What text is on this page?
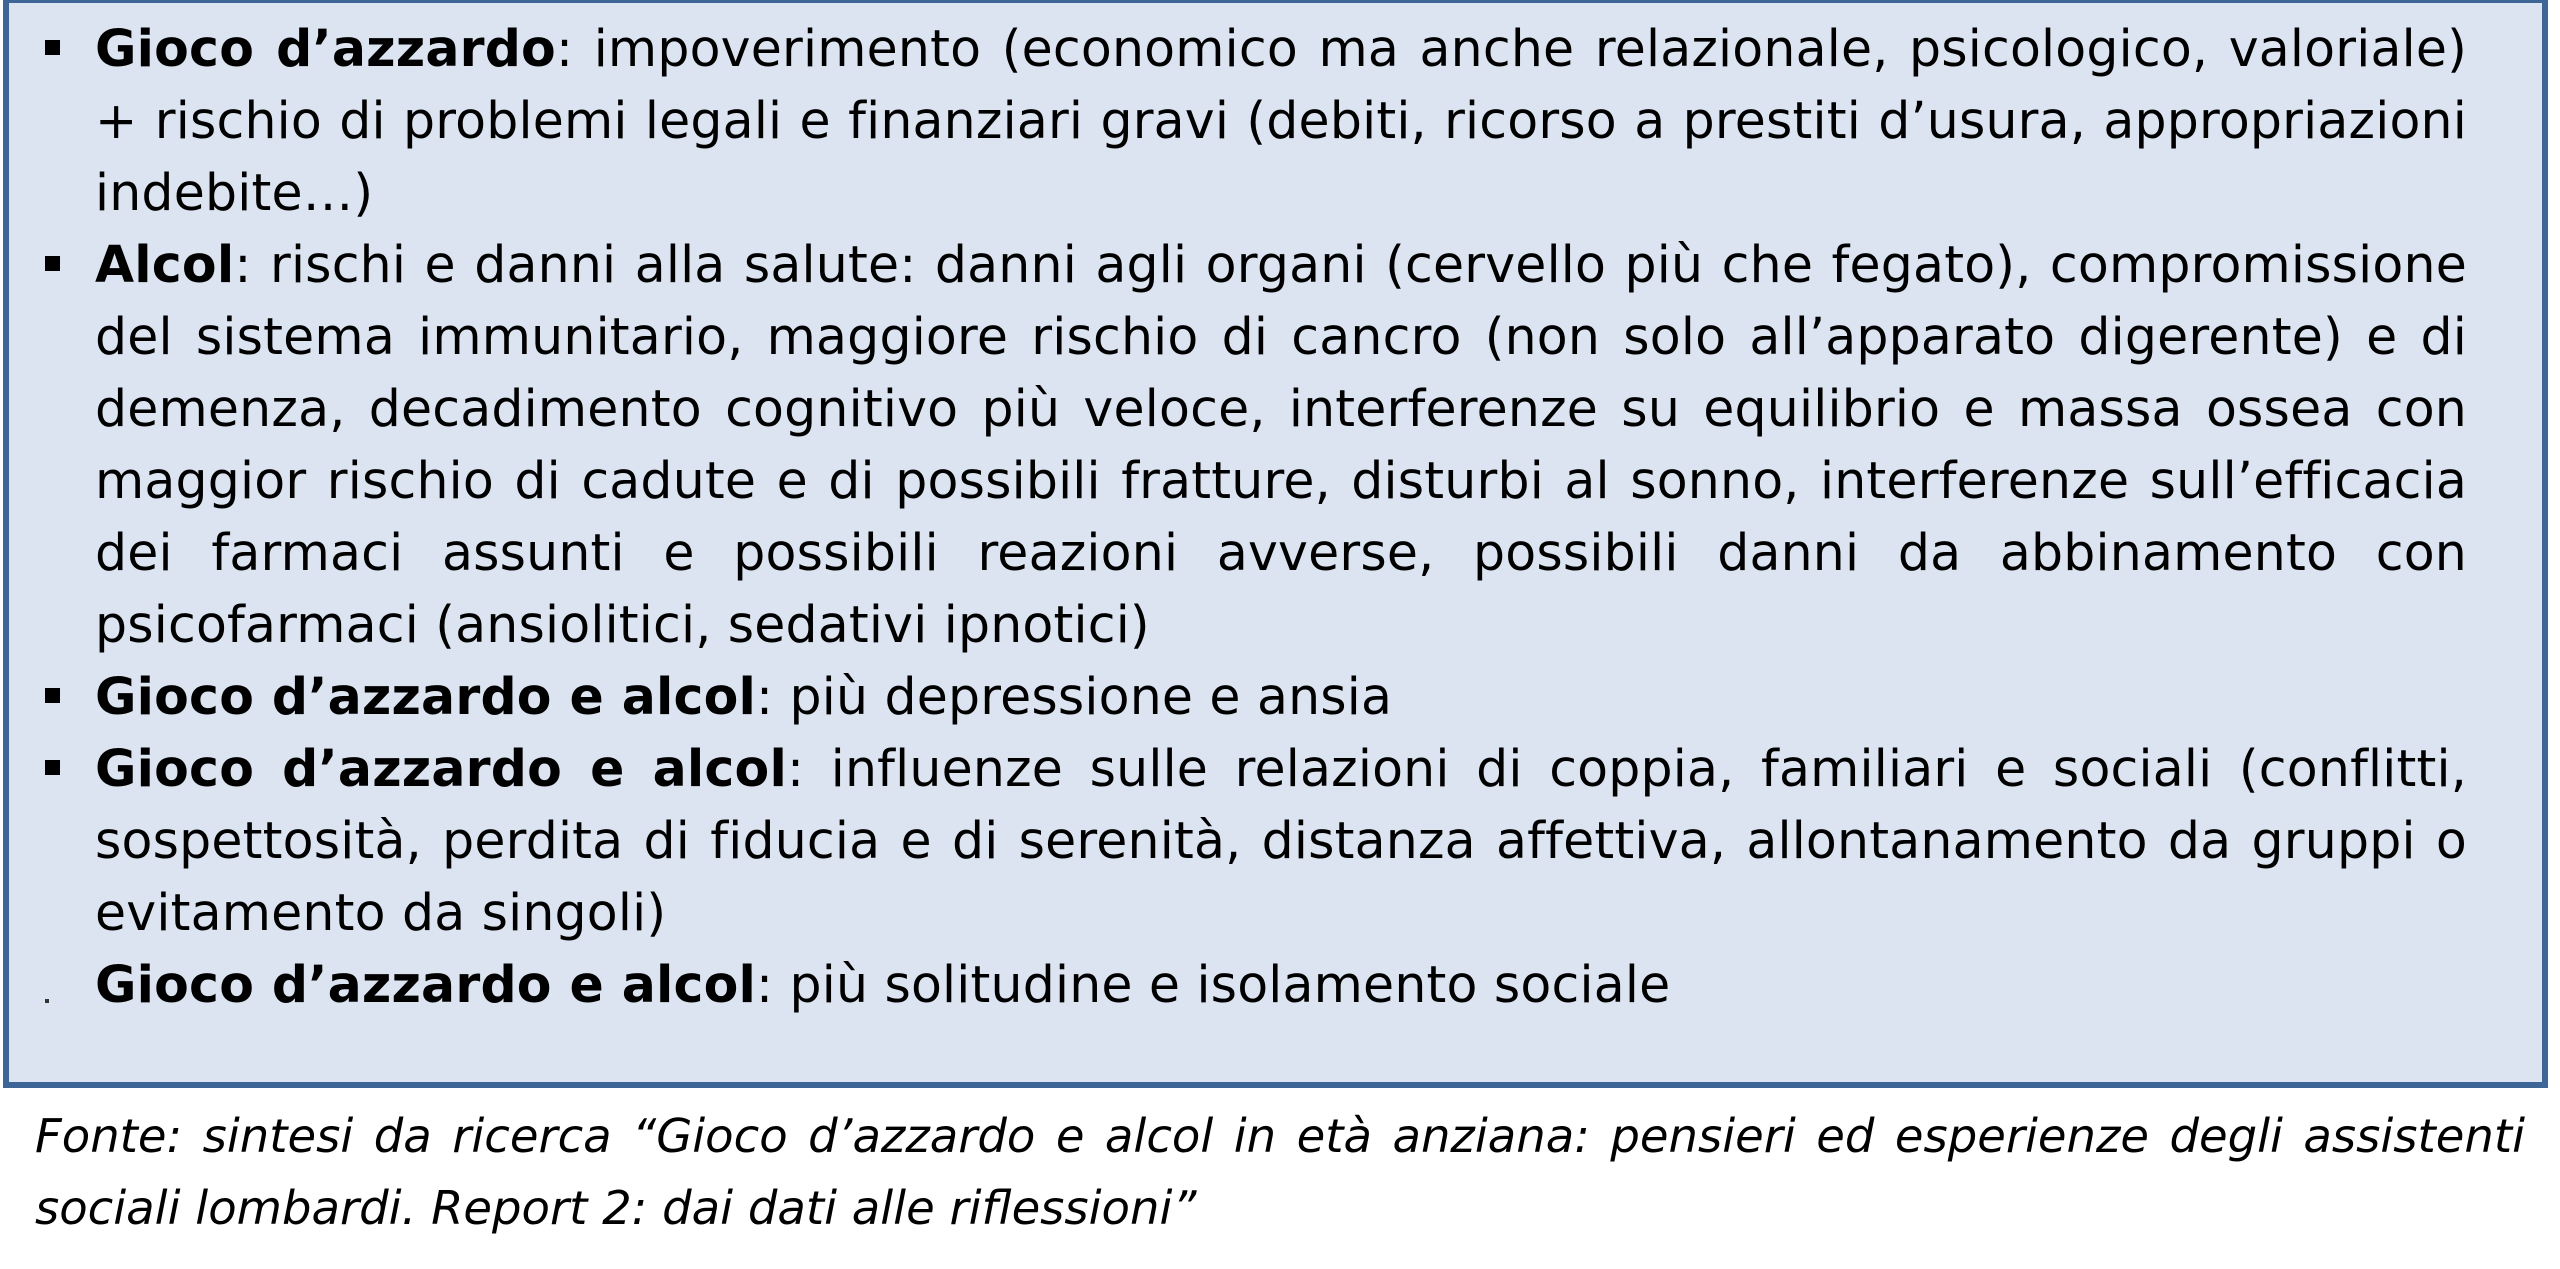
Gioco d’azzardo: impoverimento (economico ma anche relazionale, psicologico, valoriale) + rischio di problemi legali e finanziari gravi (debiti, ricorso a prestiti d’usura, appropriazioni indebite…)
Alcol: rischi e danni alla salute: danni agli organi (cervello più che fegato), compromissione del sistema immunitario, maggiore rischio di cancro (non solo all’apparato digerente) e di demenza, decadimento cognitivo più veloce, interferenze su equilibrio e massa ossea con maggior rischio di cadute e di possibili fratture, disturbi al sonno, interferenze sull’efficacia dei farmaci assunti e possibili reazioni avverse, possibili danni da abbinamento con psicofarmaci (ansiolitici, sedativi ipnotici)
Gioco d’azzardo e alcol: più depressione e ansia
Gioco d’azzardo e alcol: influenze sulle relazioni di coppia, familiari e sociali (conflitti, sospettosità, perdita di fiducia e di serenità, distanza affettiva, allontanamento da gruppi o evitamento da singoli)
Gioco d’azzardo e alcol: più solitudine e isolamento sociale
Fonte: sintesi da ricerca “Gioco d’azzardo e alcol in età anziana: pensieri ed esperienze degli assistenti sociali lombardi. Report 2: dai dati alle riflessioni”
